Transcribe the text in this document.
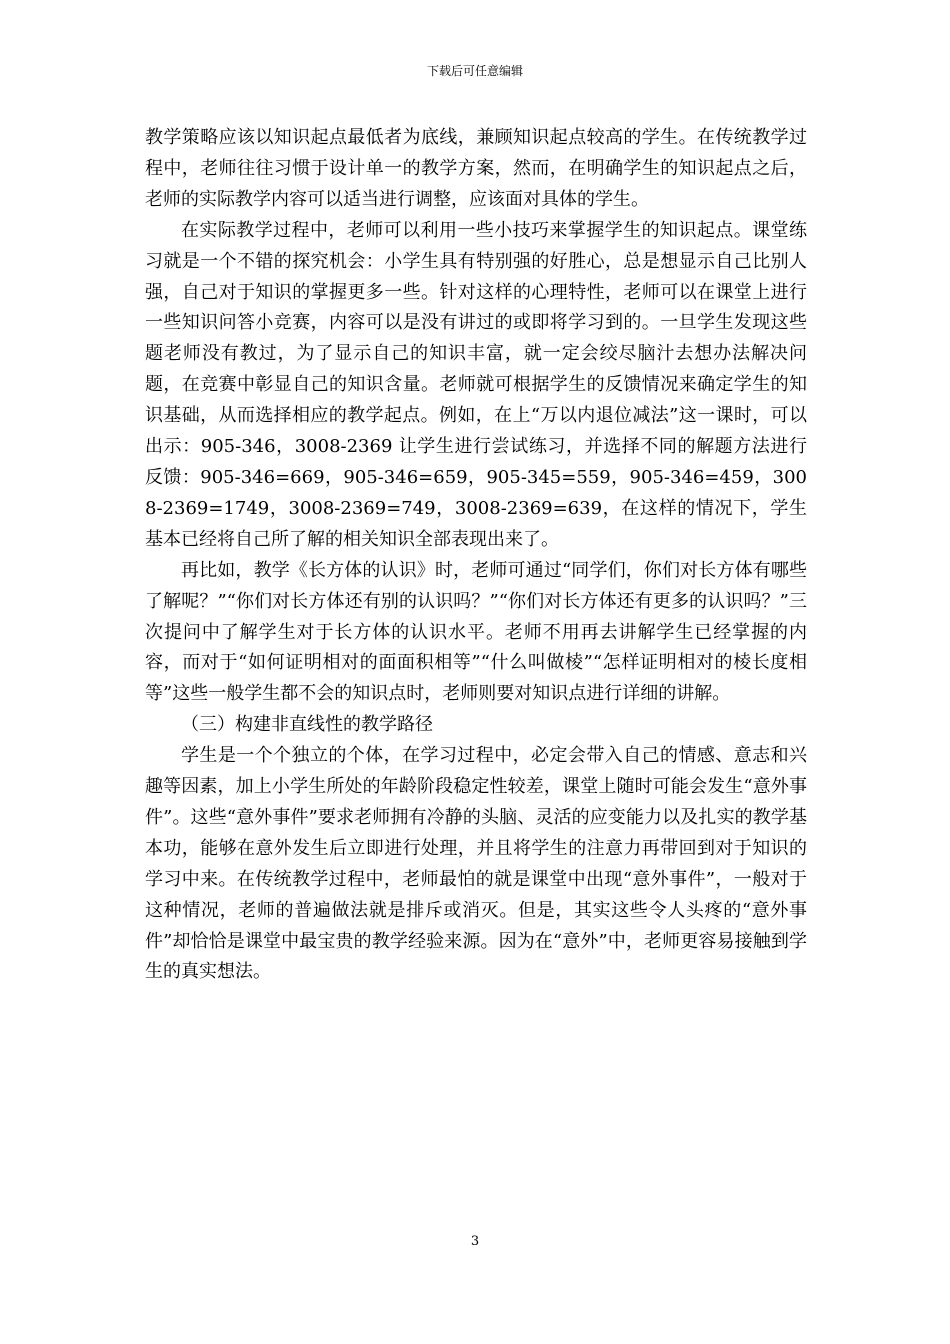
下载后可任意编辑

教学策略应该以知识起点最低者为底线，兼顾知识起点较高的学生。在传统教学过程中，老师往往习惯于设计单一的教学方案，然而，在明确学生的知识起点之后，老师的实际教学内容可以适当进行调整，应该面对具体的学生。

在实际教学过程中，老师可以利用一些小技巧来掌握学生的知识起点。课堂练习就是一个不错的探究机会：小学生具有特别强的好胜心，总是想显示自己比别人强，自己对于知识的掌握更多一些。针对这样的心理特性，老师可以在课堂上进行一些知识问答小竞赛，内容可以是没有讲过的或即将学习到的。一旦学生发现这些题老师没有教过，为了显示自己的知识丰富，就一定会绞尽脑汁去想办法解决问题，在竞赛中彰显自己的知识含量。老师就可根据学生的反馈情况来确定学生的知识基础，从而选择相应的教学起点。例如，在上“万以内退位减法”这一课时，可以出示：905-346，3008-2369 让学生进行尝试练习，并选择不同的解题方法进行反馈：905-346=669，905-346=659，905-345=559，905-346=459，3008-2369=1749，3008-2369=749，3008-2369=639，在这样的情况下，学生基本已经将自己所了解的相关知识全部表现出来了。

再比如，教学《长方体的认识》时，老师可通过“同学们，你们对长方体有哪些了解呢？”“你们对长方体还有别的认识吗？”“你们对长方体还有更多的认识吗？”三次提问中了解学生对于长方体的认识水平。老师不用再去讲解学生已经掌握的内容，而对于“如何证明相对的面面积相等”“什么叫做棱”“怎样证明相对的棱长度相等”这些一般学生都不会的知识点时，老师则要对知识点进行详细的讲解。

（三）构建非直线性的教学路径

学生是一个个独立的个体，在学习过程中，必定会带入自己的情感、意志和兴趣等因素，加上小学生所处的年龄阶段稳定性较差，课堂上随时可能会发生“意外事件”。这些“意外事件”要求老师拥有冷静的头脑、灵活的应变能力以及扎实的教学基本功，能够在意外发生后立即进行处理，并且将学生的注意力再带回到对于知识的学习中来。在传统教学过程中，老师最怕的就是课堂中出现“意外事件”，一般对于这种情况，老师的普遍做法就是排斥或消灭。但是，其实这些令人头疼的“意外事件”却恰恰是课堂中最宝贵的教学经验来源。因为在“意外”中，老师更容易接触到学生的真实想法。

3
